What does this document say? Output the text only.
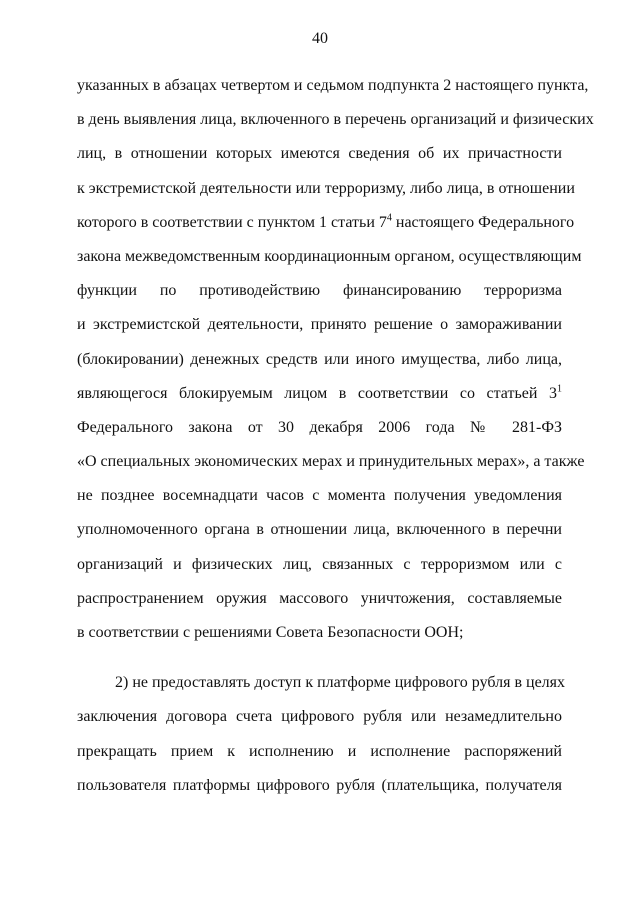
40
указанных в абзацах четвертом и седьмом подпункта 2 настоящего пункта,
в день выявления лица, включенного в перечень организаций и физических
лиц, в отношении которых имеются сведения об их причастности
к экстремистской деятельности или терроризму, либо лица, в отношении
которого в соответствии с пунктом 1 статьи $7^4$ настоящего Федерального
закона межведомственным координационным органом, осуществляющим
функции по противодействию финансированию терроризма
и экстремистской деятельности, принято решение о замораживании
(блокировании) денежных средств или иного имущества, либо лица,
являющегося блокируемым лицом в соответствии со статьей $3^1$
Федерального закона от 30 декабря 2006 года № 281-ФЗ
«О специальных экономических мерах и принудительных мерах», а также
не позднее восемнадцати часов с момента получения уведомления
уполномоченного органа в отношении лица, включенного в перечни
организаций и физических лиц, связанных с терроризмом или с
распространением оружия массового уничтожения, составляемые
в соответствии с решениями Совета Безопасности ООН;
2) не предоставлять доступ к платформе цифрового рубля в целях
заключения договора счета цифрового рубля или незамедлительно
прекращать прием к исполнению и исполнение распоряжений
пользователя платформы цифрового рубля (плательщика, получателя
